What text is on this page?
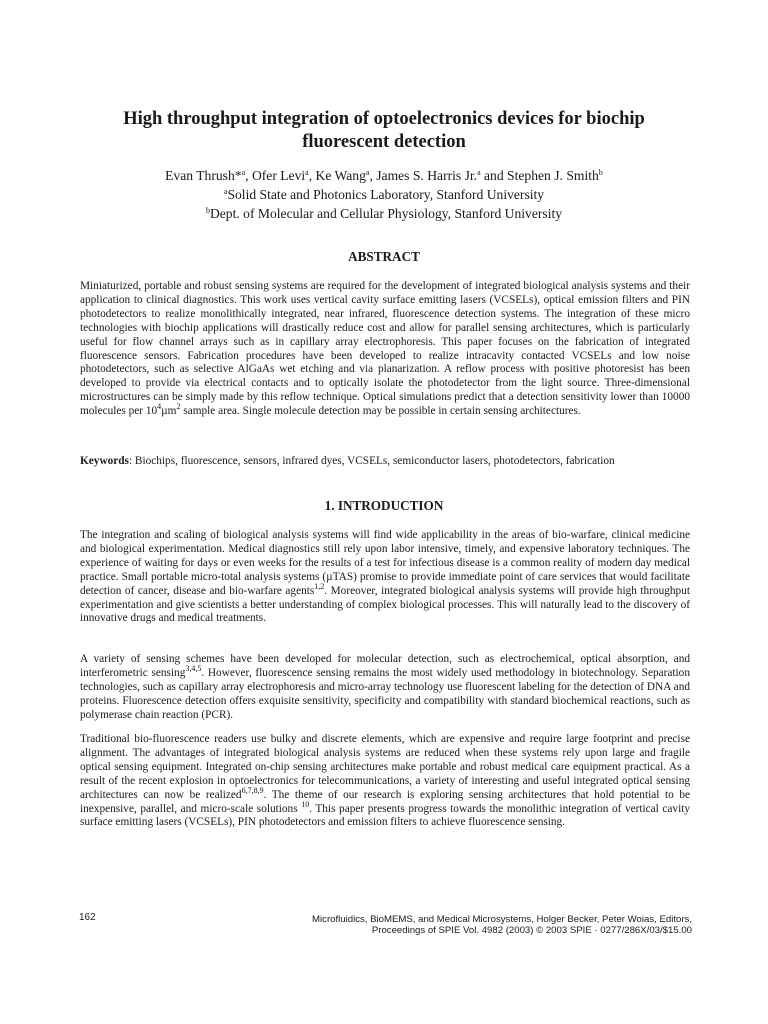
High throughput integration of optoelectronics devices for biochip
fluorescent detection
Evan Thrush*$^a$, Ofer Levi$^a$, Ke Wang$^a$, James S. Harris Jr.$^a$ and Stephen J. Smith$^b$
$^a$Solid State and Photonics Laboratory, Stanford University
$^b$Dept. of Molecular and Cellular Physiology, Stanford University
ABSTRACT
Miniaturized, portable and robust sensing systems are required for the development of integrated biological analysis systems and their application to clinical diagnostics. This work uses vertical cavity surface emitting lasers (VCSELs), optical emission filters and PIN photodetectors to realize monolithically integrated, near infrared, fluorescence detection systems. The integration of these micro technologies with biochip applications will drastically reduce cost and allow for parallel sensing architectures, which is particularly useful for flow channel arrays such as in capillary array electrophoresis. This paper focuses on the fabrication of integrated fluorescence sensors. Fabrication procedures have been developed to realize intracavity contacted VCSELs and low noise photodetectors, such as selective AlGaAs wet etching and via planarization. A reflow process with positive photoresist has been developed to provide via electrical contacts and to optically isolate the photodetector from the light source. Three-dimensional microstructures can be simply made by this reflow technique. Optical simulations predict that a detection sensitivity lower than 10000 molecules per $10^4\mu m^2$ sample area. Single molecule detection may be possible in certain sensing architectures.
Keywords: Biochips, fluorescence, sensors, infrared dyes, VCSELs, semiconductor lasers, photodetectors, fabrication
1. INTRODUCTION
The integration and scaling of biological analysis systems will find wide applicability in the areas of bio-warfare, clinical medicine and biological experimentation. Medical diagnostics still rely upon labor intensive, timely, and expensive laboratory techniques. The experience of waiting for days or even weeks for the results of a test for infectious disease is a common reality of modern day medical practice. Small portable micro-total analysis systems (µTAS) promise to provide immediate point of care services that would facilitate detection of cancer, disease and bio-warfare agents$^{1,2}$. Moreover, integrated biological analysis systems will provide high throughput experimentation and give scientists a better understanding of complex biological processes. This will naturally lead to the discovery of innovative drugs and medical treatments.
A variety of sensing schemes have been developed for molecular detection, such as electrochemical, optical absorption, and interferometric sensing$^{3,4,5}$. However, fluorescence sensing remains the most widely used methodology in biotechnology. Separation technologies, such as capillary array electrophoresis and micro-array technology use fluorescent labeling for the detection of DNA and proteins. Fluorescence detection offers exquisite sensitivity, specificity and compatibility with standard biochemical reactions, such as polymerase chain reaction (PCR).
Traditional bio-fluorescence readers use bulky and discrete elements, which are expensive and require large footprint and precise alignment. The advantages of integrated biological analysis systems are reduced when these systems rely upon large and fragile optical sensing equipment. Integrated on-chip sensing architectures make portable and robust medical care equipment practical. As a result of the recent explosion in optoelectronics for telecommunications, a variety of interesting and useful integrated optical sensing architectures can now be realized$^{6,7,8,9}$. The theme of our research is exploring sensing architectures that hold potential to be inexpensive, parallel, and micro-scale solutions $^{10}$. This paper presents progress towards the monolithic integration of vertical cavity surface emitting lasers (VCSELs), PIN photodetectors and emission filters to achieve fluorescence sensing.
162	Microfluidics, BioMEMS, and Medical Microsystems, Holger Becker, Peter Woias, Editors,
Proceedings of SPIE Vol. 4982 (2003) © 2003 SPIE · 0277/286X/03/$15.00
